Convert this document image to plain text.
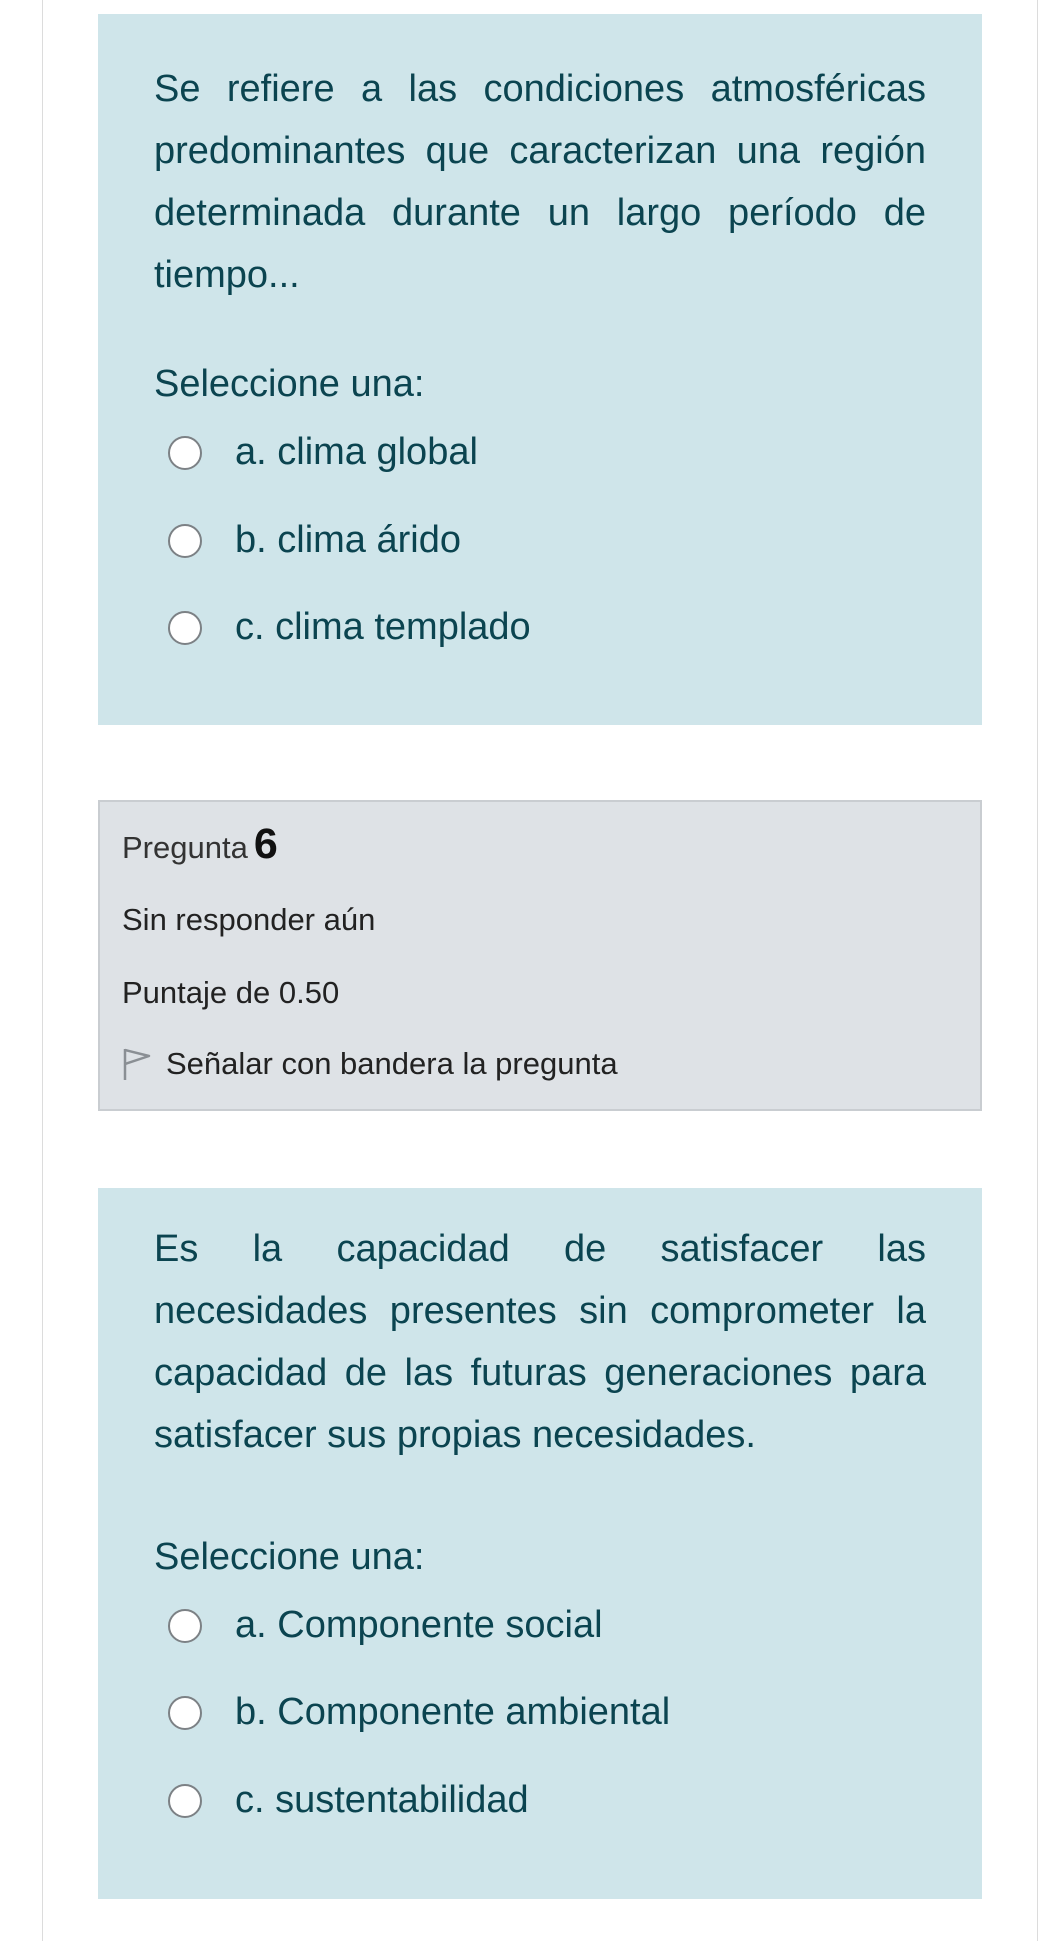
Se refiere a las condiciones atmosféricas predominantes que caracterizan una región determinada durante un largo período de tiempo...

Seleccione una:

a. clima global
b. clima árido
c. clima templado
Pregunta 6
Sin responder aún
Puntaje de 0.50
Señalar con bandera la pregunta

Es la capacidad de satisfacer las necesidades presentes sin comprometer la capacidad de las futuras generaciones para satisfacer sus propias necesidades.

Seleccione una:

a. Componente social
b. Componente ambiental
c. sustentabilidad
